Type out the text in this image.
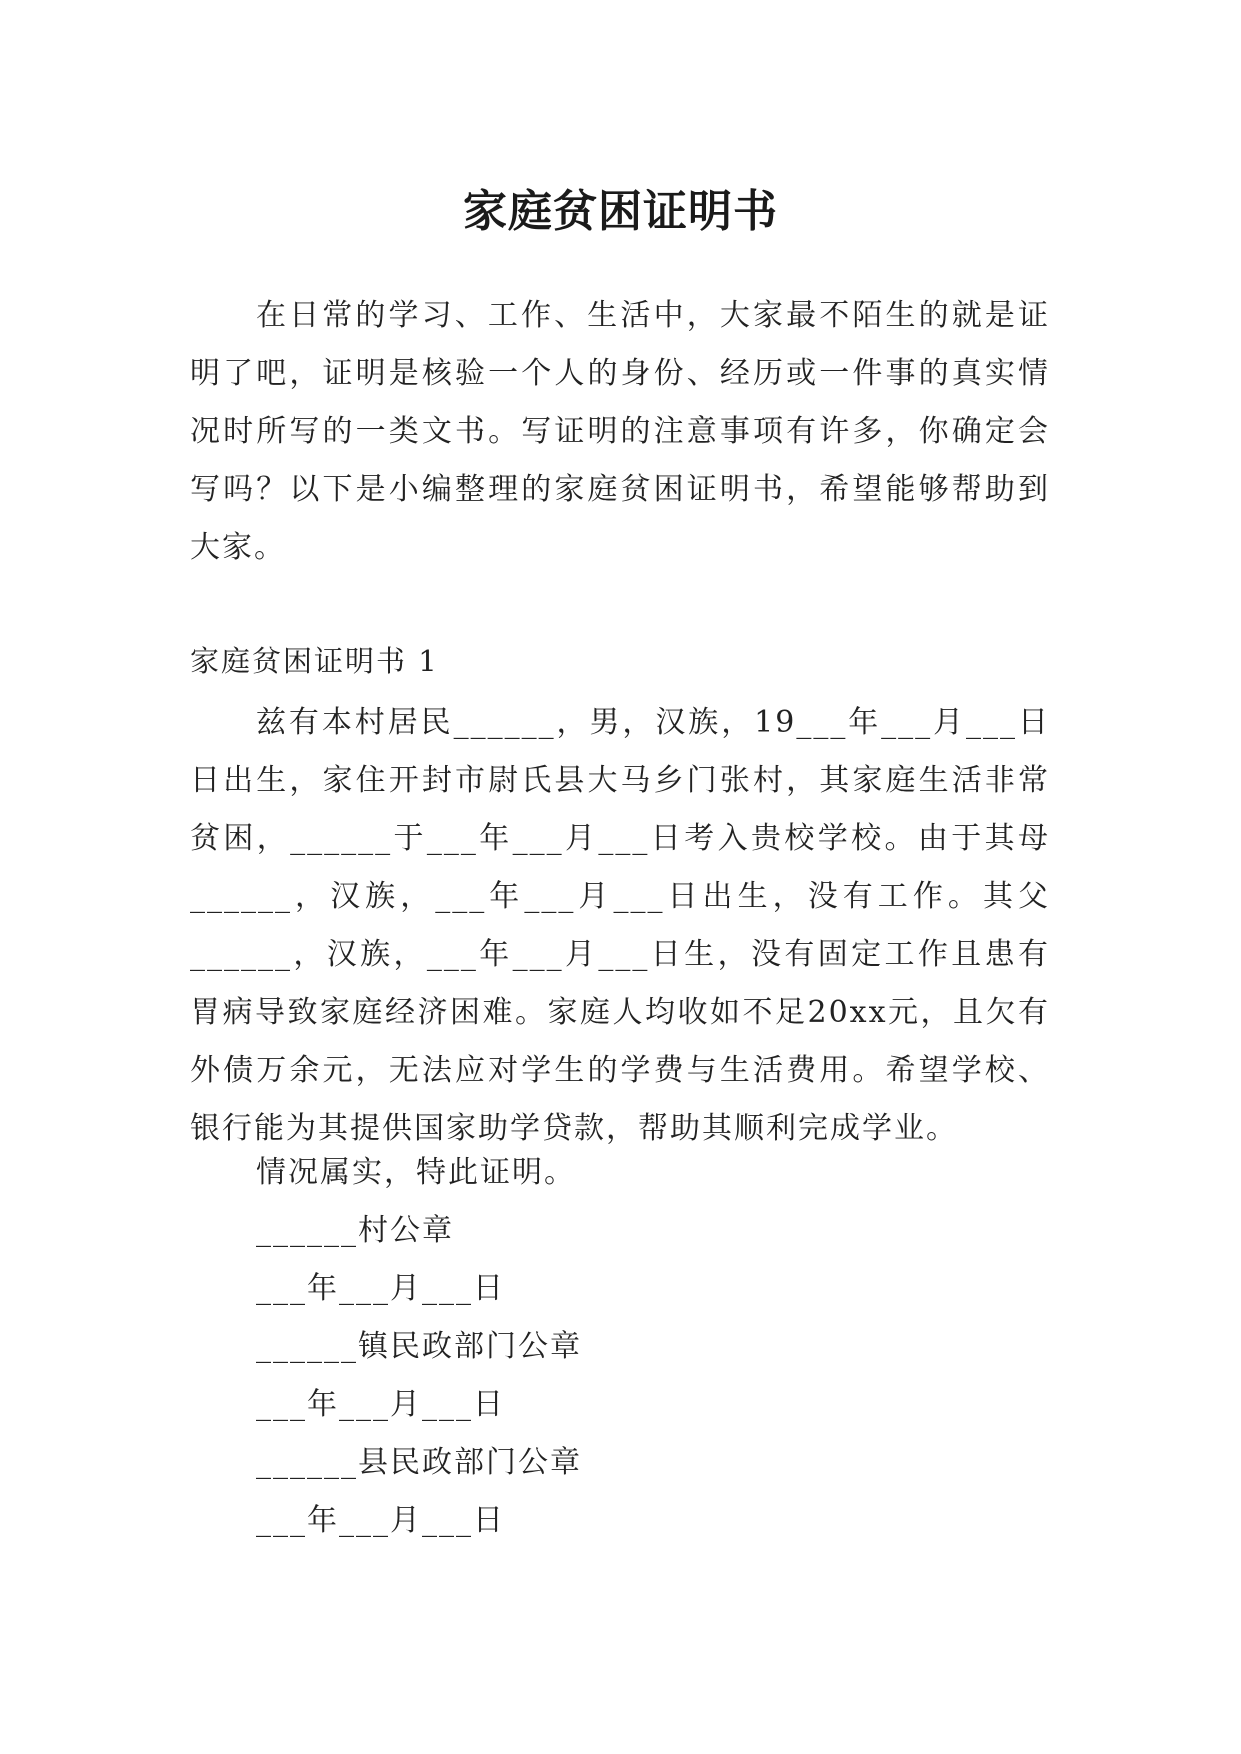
家庭贫困证明书

在日常的学习、工作、生活中，大家最不陌生的就是证明了吧，证明是核验一个人的身份、经历或一件事的真实情况时所写的一类文书。写证明的注意事项有许多，你确定会写吗？以下是小编整理的家庭贫困证明书，希望能够帮助到大家。

家庭贫困证明书 1

兹有本村居民______，男，汉族，19___年___月___日日出生，家住开封市尉氏县大马乡门张村，其家庭生活非常贫困，______于___年___月___日考入贵校学校。由于其母______，汉族，___年___月___日出生，没有工作。其父______，汉族，___年___月___日生，没有固定工作且患有胃病导致家庭经济困难。家庭人均收如不足20xx元，且欠有外债万余元，无法应对学生的学费与生活费用。希望学校、银行能为其提供国家助学贷款，帮助其顺利完成学业。

情况属实，特此证明。

______村公章

___年___月___日

______镇民政部门公章

___年___月___日

______县民政部门公章

___年___月___日
